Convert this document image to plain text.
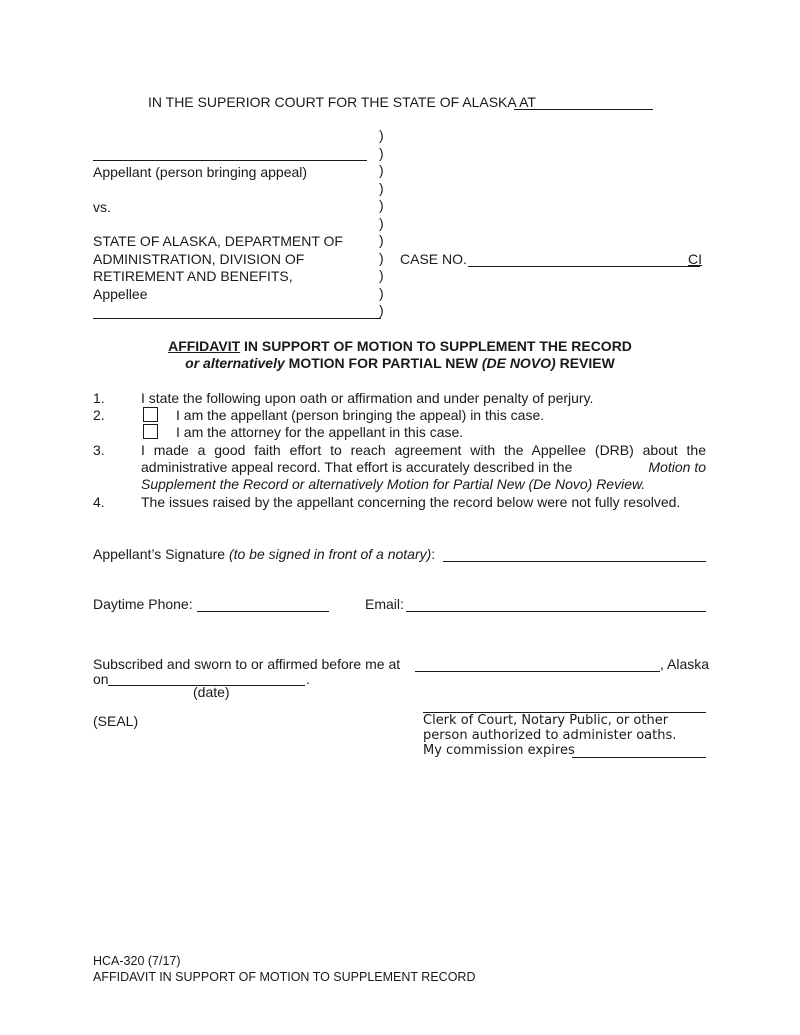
IN THE SUPERIOR COURT FOR THE STATE OF ALASKA AT
)
)
)
)
)
)
)
)
)
)
)
Appellant (person bringing appeal)
vs.
STATE OF ALASKA, DEPARTMENT OF
ADMINISTRATION, DIVISION OF
RETIREMENT AND BENEFITS,
Appellee
CASE NO.	CI
AFFIDAVIT IN SUPPORT OF MOTION TO SUPPLEMENT THE RECORD
or alternatively MOTION FOR PARTIAL NEW (DE NOVO) REVIEW
1.	I state the following upon oath or affirmation and under penalty of perjury.
2.	I am the appellant (person bringing the appeal) in this case.
I am the attorney for the appellant in this case.
3.	I made a good faith effort to reach agreement with the Appellee (DRB) about the
administrative appeal record. That effort is accurately described in the	Motion to
Supplement the Record or alternatively Motion for Partial New (De Novo) Review.
4.	The issues raised by the appellant concerning the record below were not fully resolved.
Appellant’s Signature (to be signed in front of a notary):
Daytime Phone:	Email:
Subscribed and sworn to or affirmed before me at	, Alaska
on	.
(date)
(SEAL)	Clerk of Court, Notary Public, or other
person authorized to administer oaths.
My commission expires
HCA-320 (7/17)
AFFIDAVIT IN SUPPORT OF MOTION TO SUPPLEMENT RECORD
